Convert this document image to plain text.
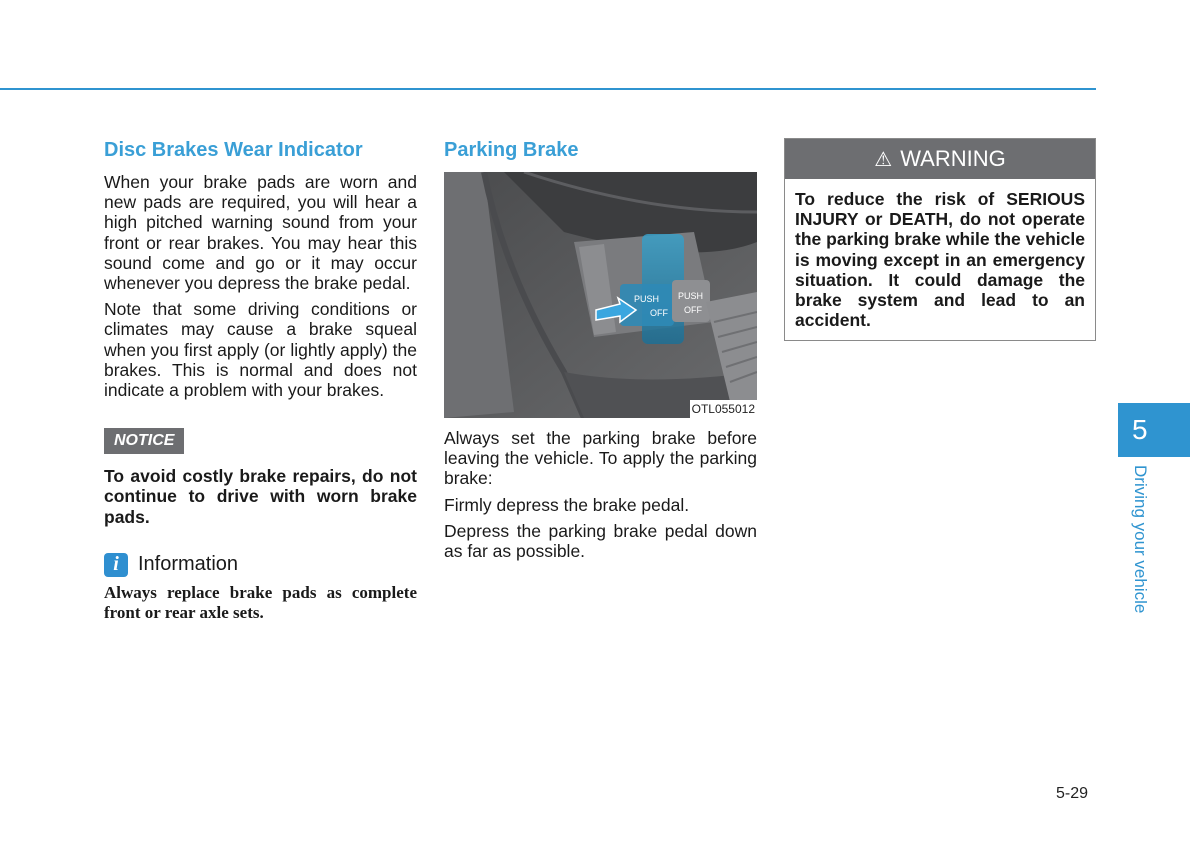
Disc Brakes Wear Indicator

When your brake pads are worn and new pads are required, you will hear a high pitched warning sound from your front or rear brakes. You may hear this sound come and go or it may occur whenever you depress the brake pedal.

Note that some driving conditions or climates may cause a brake squeal when you first apply (or lightly apply) the brakes. This is normal and does not indicate a problem with your brakes.

NOTICE

To avoid costly brake repairs, do not continue to drive with worn brake pads.

i Information

Always replace brake pads as complete front or rear axle sets.

Parking Brake
PUSH
OFF
PUSH
OFF
OTL055012

Always set the parking brake before leaving the vehicle. To apply the parking brake:

Firmly depress the brake pedal.

Depress the parking brake pedal down as far as possible.

⚠ WARNING
To reduce the risk of SERIOUS INJURY or DEATH, do not operate the parking brake while the vehicle is moving except in an emergency situation. It could damage the brake system and lead to an accident.
5
Driving your vehicle
5-29
